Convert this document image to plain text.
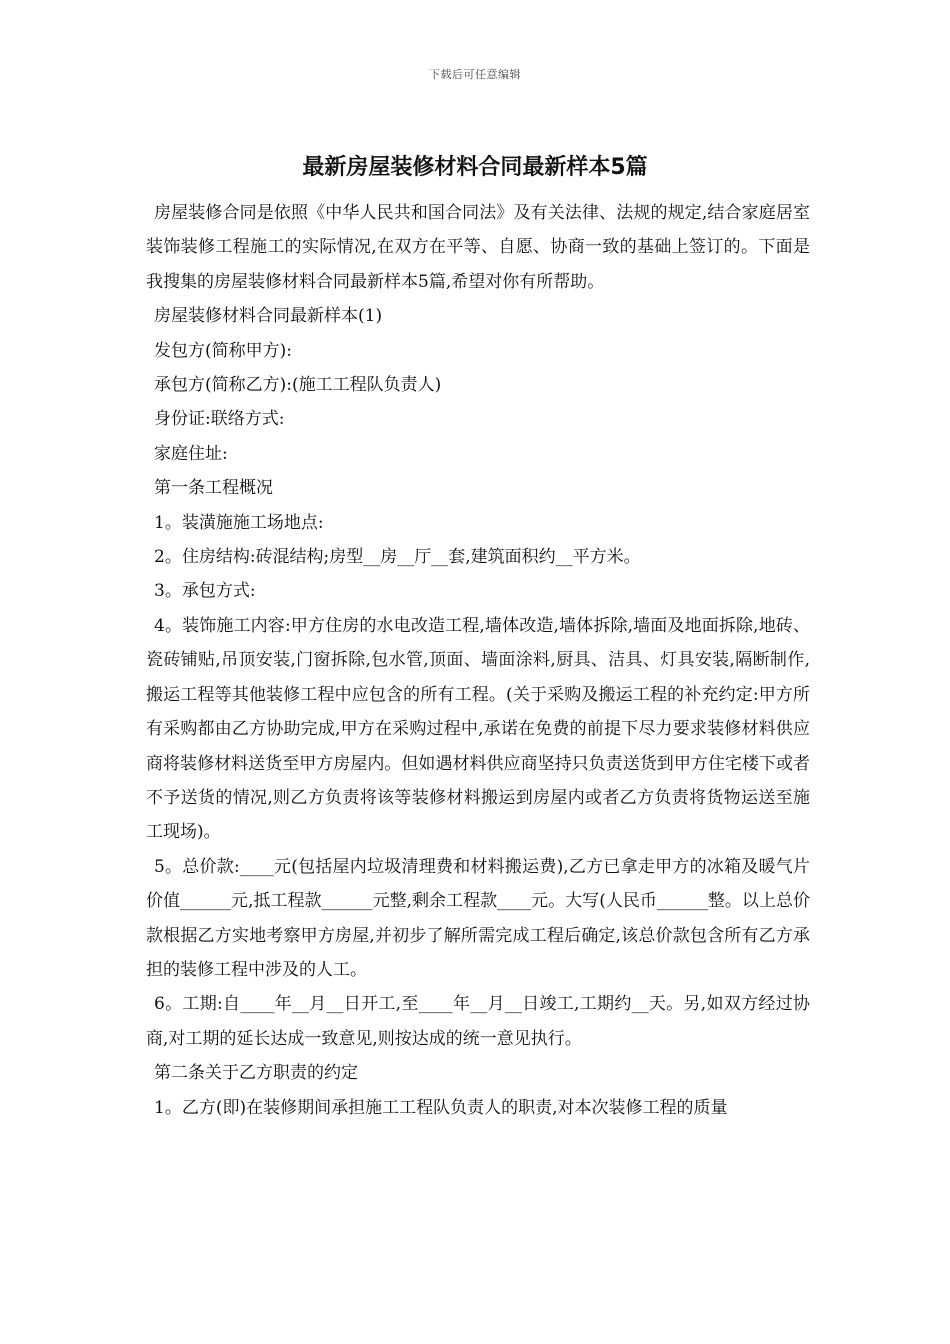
下载后可任意编辑
最新房屋装修材料合同最新样本5篇

房屋装修合同是依照《中华人民共和国合同法》及有关法律、法规的规定,结合家庭居室装饰装修工程施工的实际情况,在双方在平等、自愿、协商一致的基础上签订的。下面是我搜集的房屋装修材料合同最新样本5篇,希望对你有所帮助。

房屋装修材料合同最新样本(1)

发包方(简称甲方):

承包方(简称乙方):(施工工程队负责人)

身份证:联络方式:

家庭住址:

第一条工程概况

1。装潢施施工场地点:

2。住房结构:砖混结构;房型__房__厅__套,建筑面积约__平方米。

3。承包方式:

4。装饰施工内容:甲方住房的水电改造工程,墙体改造,墙体拆除,墙面及地面拆除,地砖、瓷砖铺贴,吊顶安装,门窗拆除,包水管,顶面、墙面涂料,厨具、洁具、灯具安装,隔断制作,搬运工程等其他装修工程中应包含的所有工程。(关于采购及搬运工程的补充约定:甲方所有采购都由乙方协助完成,甲方在采购过程中,承诺在免费的前提下尽力要求装修材料供应商将装修材料送货至甲方房屋内。但如遇材料供应商坚持只负责送货到甲方住宅楼下或者不予送货的情况,则乙方负责将该等装修材料搬运到房屋内或者乙方负责将货物运送至施工现场)。

5。总价款:____元(包括屋内垃圾清理费和材料搬运费),乙方已拿走甲方的冰箱及暖气片价值______元,抵工程款______元整,剩余工程款____元。大写(人民币______整。以上总价款根据乙方实地考察甲方房屋,并初步了解所需完成工程后确定,该总价款包含所有乙方承担的装修工程中涉及的人工。

6。工期:自____年__月__日开工,至____年__月__日竣工,工期约__天。另,如双方经过协商,对工期的延长达成一致意见,则按达成的统一意见执行。

第二条关于乙方职责的约定

1。乙方(即)在装修期间承担施工工程队负责人的职责,对本次装修工程的质量
